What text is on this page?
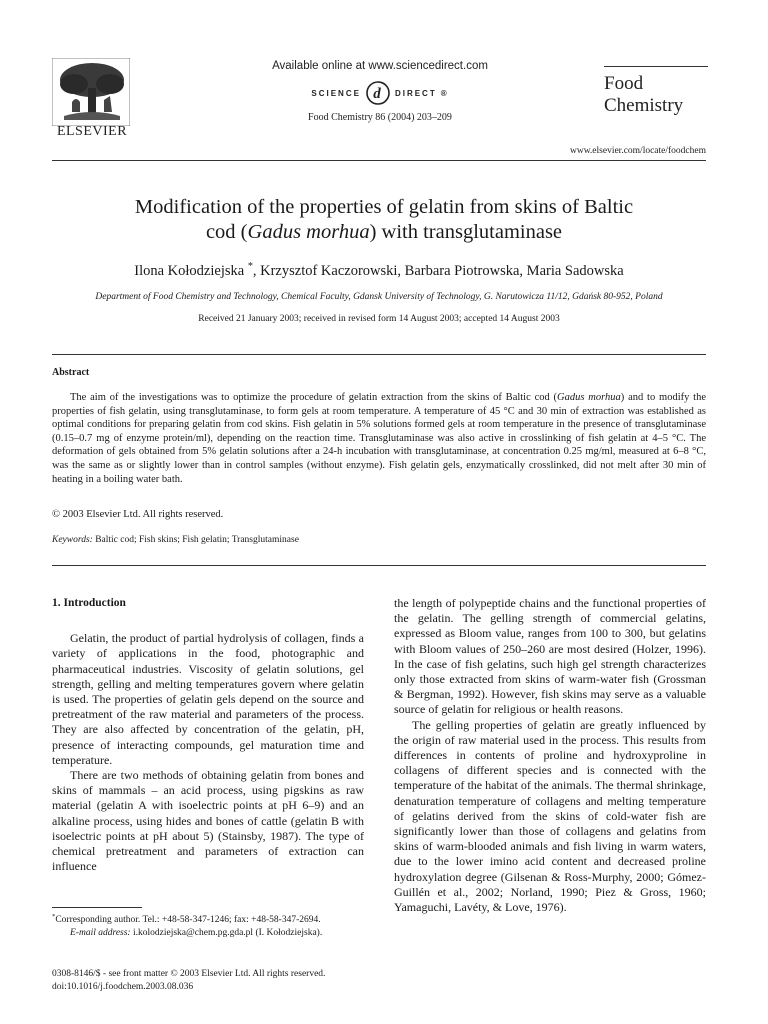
ELSEVIER
Available online at www.sciencedirect.com
SCIENCE d DIRECT ®
Food Chemistry 86 (2004) 203–209
Food
Chemistry
www.elsevier.com/locate/foodchem
Modification of the properties of gelatin from skins of Baltic
cod (Gadus morhua) with transglutaminase
Ilona Kołodziejska *, Krzysztof Kaczorowski, Barbara Piotrowska, Maria Sadowska
Department of Food Chemistry and Technology, Chemical Faculty, Gdansk University of Technology, G. Narutowicza 11/12, Gdańsk 80-952, Poland
Received 21 January 2003; received in revised form 14 August 2003; accepted 14 August 2003
Abstract
The aim of the investigations was to optimize the procedure of gelatin extraction from the skins of Baltic cod (Gadus morhua) and to modify the properties of fish gelatin, using transglutaminase, to form gels at room temperature. A temperature of 45 °C and 30 min of extraction was established as optimal conditions for preparing gelatin from cod skins. Fish gelatin in 5% solutions formed gels at room temperature in the presence of transglutaminase (0.15–0.7 mg of enzyme protein/ml), depending on the reaction time. Transglutaminase was also active in crosslinking of fish gelatin at 4–5 °C. The deformation of gels obtained from 5% gelatin solutions after a 24-h incubation with transglutaminase, at concentration 0.25 mg/ml, measured at 6–8 °C, was the same as or slightly lower than in control samples (without enzyme). Fish gelatin gels, enzymatically crosslinked, did not melt after 30 min of heating in a boiling water bath.
© 2003 Elsevier Ltd. All rights reserved.
Keywords: Baltic cod; Fish skins; Fish gelatin; Transglutaminase
1. Introduction

Gelatin, the product of partial hydrolysis of collagen, finds a variety of applications in the food, photographic and pharmaceutical industries. Viscosity of gelatin solutions, gel strength, gelling and melting temperatures govern where gelatin is used. The properties of gelatin gels depend on the source and pretreatment of the raw material and parameters of the process. They are also affected by concentration of the gelatin, pH, presence of interacting compounds, gel maturation time and temperature.

There are two methods of obtaining gelatin from bones and skins of mammals – an acid process, using pigskins as raw material (gelatin A with isoelectric points at pH 6–9) and an alkaline process, using hides and bones of cattle (gelatin B with isoelectric points at pH about 5) (Stainsby, 1987). The type of chemical pretreatment and parameters of extraction can influence

the length of polypeptide chains and the functional properties of the gelatin. The gelling strength of commercial gelatins, expressed as Bloom value, ranges from 100 to 300, but gelatins with Bloom values of 250–260 are most desired (Holzer, 1996). In the case of fish gelatins, such high gel strength characterizes only those extracted from skins of warm-water fish (Grossman & Bergman, 1992). However, fish skins may serve as a valuable source of gelatin for religious or health reasons.

The gelling properties of gelatin are greatly influenced by the origin of raw material used in the process. This results from differences in contents of proline and hydroxyproline in collagens of different species and is connected with the temperature of the habitat of the animals. The thermal shrinkage, denaturation temperature of collagens and melting temperature of gelatins derived from the skins of cold-water fish are significantly lower than those of collagens and gelatins from skins of warm-blooded animals and fish living in warm waters, due to the lower imino acid content and decreased proline hydroxylation degree (Gilsenan & Ross-Murphy, 2000; Gómez-Guillén et al., 2002; Norland, 1990; Piez & Gross, 1960; Yamaguchi, Lavéty, & Love, 1976).

*Corresponding author. Tel.: +48-58-347-1246; fax: +48-58-347-2694.
E-mail address: i.kolodziejska@chem.pg.gda.pl (I. Kołodziejska).
0308-8146/$ - see front matter © 2003 Elsevier Ltd. All rights reserved.
doi:10.1016/j.foodchem.2003.08.036
